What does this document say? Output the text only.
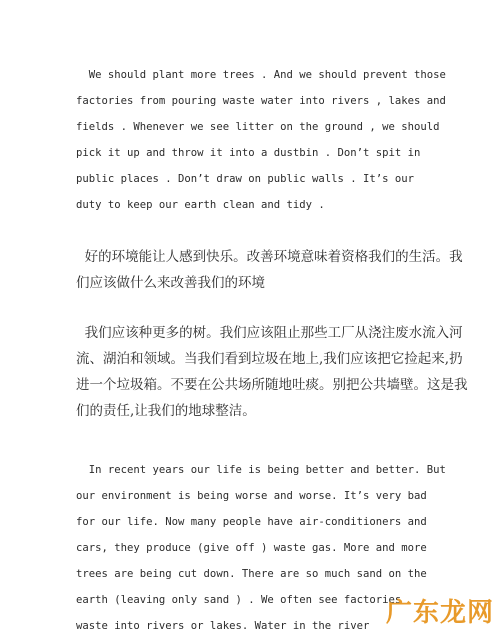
We should plant more trees . And we should prevent those
factories from pouring waste water into rivers , lakes and
fields . Whenever we see litter on the ground , we should
pick it up and throw it into a dustbin . Don’t spit in
public places . Don’t draw on public walls . It’s our
duty to keep our earth clean and tidy .
好的环境能让人感到快乐。改善环境意味着资格我们的生活。我
们应该做什么来改善我们的环境
我们应该种更多的树。我们应该阻止那些工厂从浇注废水流入河
流、湖泊和领域。当我们看到垃圾在地上,我们应该把它捡起来,扔
进一个垃圾箱。不要在公共场所随地吐痰。别把公共墙壁。这是我
们的责任,让我们的地球整洁。
In recent years our life is being better and better. But
our environment is being worse and worse. It’s very bad
for our life. Now many people have air-conditioners and
cars, they produce (give off ) waste gas. More and more
trees are being cut down. There are so much sand on the
earth (leaving only sand ) . We often see factories
waste into rivers or lakes. Water in the river 广东龙网
